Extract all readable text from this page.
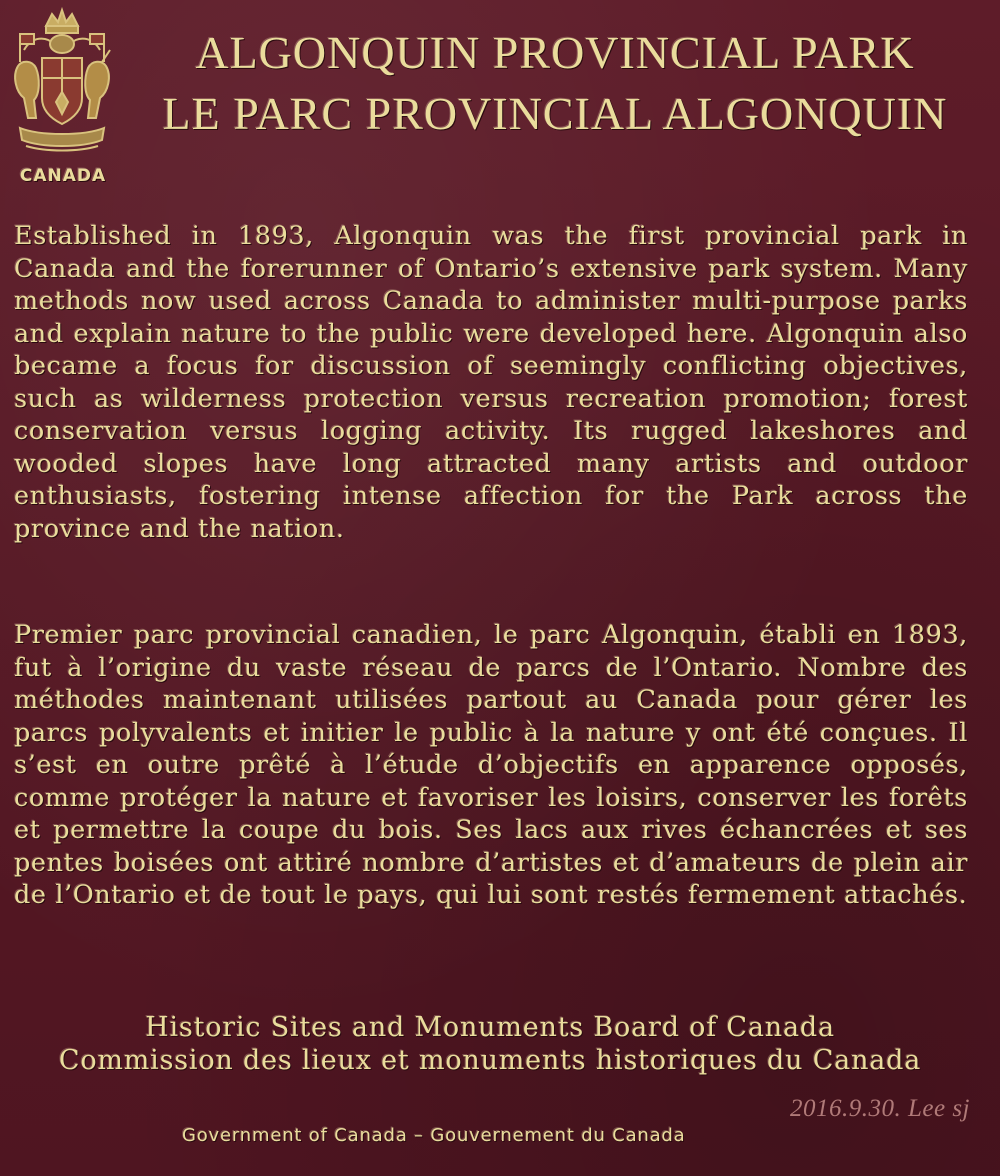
CANADA
ALGONQUIN PROVINCIAL PARK
LE PARC PROVINCIAL ALGONQUIN

Established in 1893, Algonquin was the first provincial park in Canada and the forerunner of Ontario’s extensive park system. Many methods now used across Canada to administer multi-purpose parks and explain nature to the public were developed here. Algonquin also became a focus for discussion of seemingly conflicting objectives, such as wilderness protection versus recreation promotion; forest conservation versus logging activity. Its rugged lakeshores and wooded slopes have long attracted many artists and outdoor enthusiasts, fostering intense affection for the Park across the province and the nation.

Premier parc provincial canadien, le parc Algonquin, établi en 1893, fut à l’origine du vaste réseau de parcs de l’Ontario. Nombre des méthodes maintenant utilisées partout au Canada pour gérer les parcs polyvalents et initier le public à la nature y ont été conçues. Il s’est en outre prêté à l’étude d’objectifs en apparence opposés, comme protéger la nature et favoriser les loisirs, conserver les forêts et permettre la coupe du bois. Ses lacs aux rives échancrées et ses pentes boisées ont attiré nombre d’artistes et d’amateurs de plein air de l’Ontario et de tout le pays, qui lui sont restés fermement attachés.

Historic Sites and Monuments Board of Canada
Commission des lieux et monuments historiques du Canada
2016.9.30. Lee sj
Government of Canada – Gouvernement du Canada
